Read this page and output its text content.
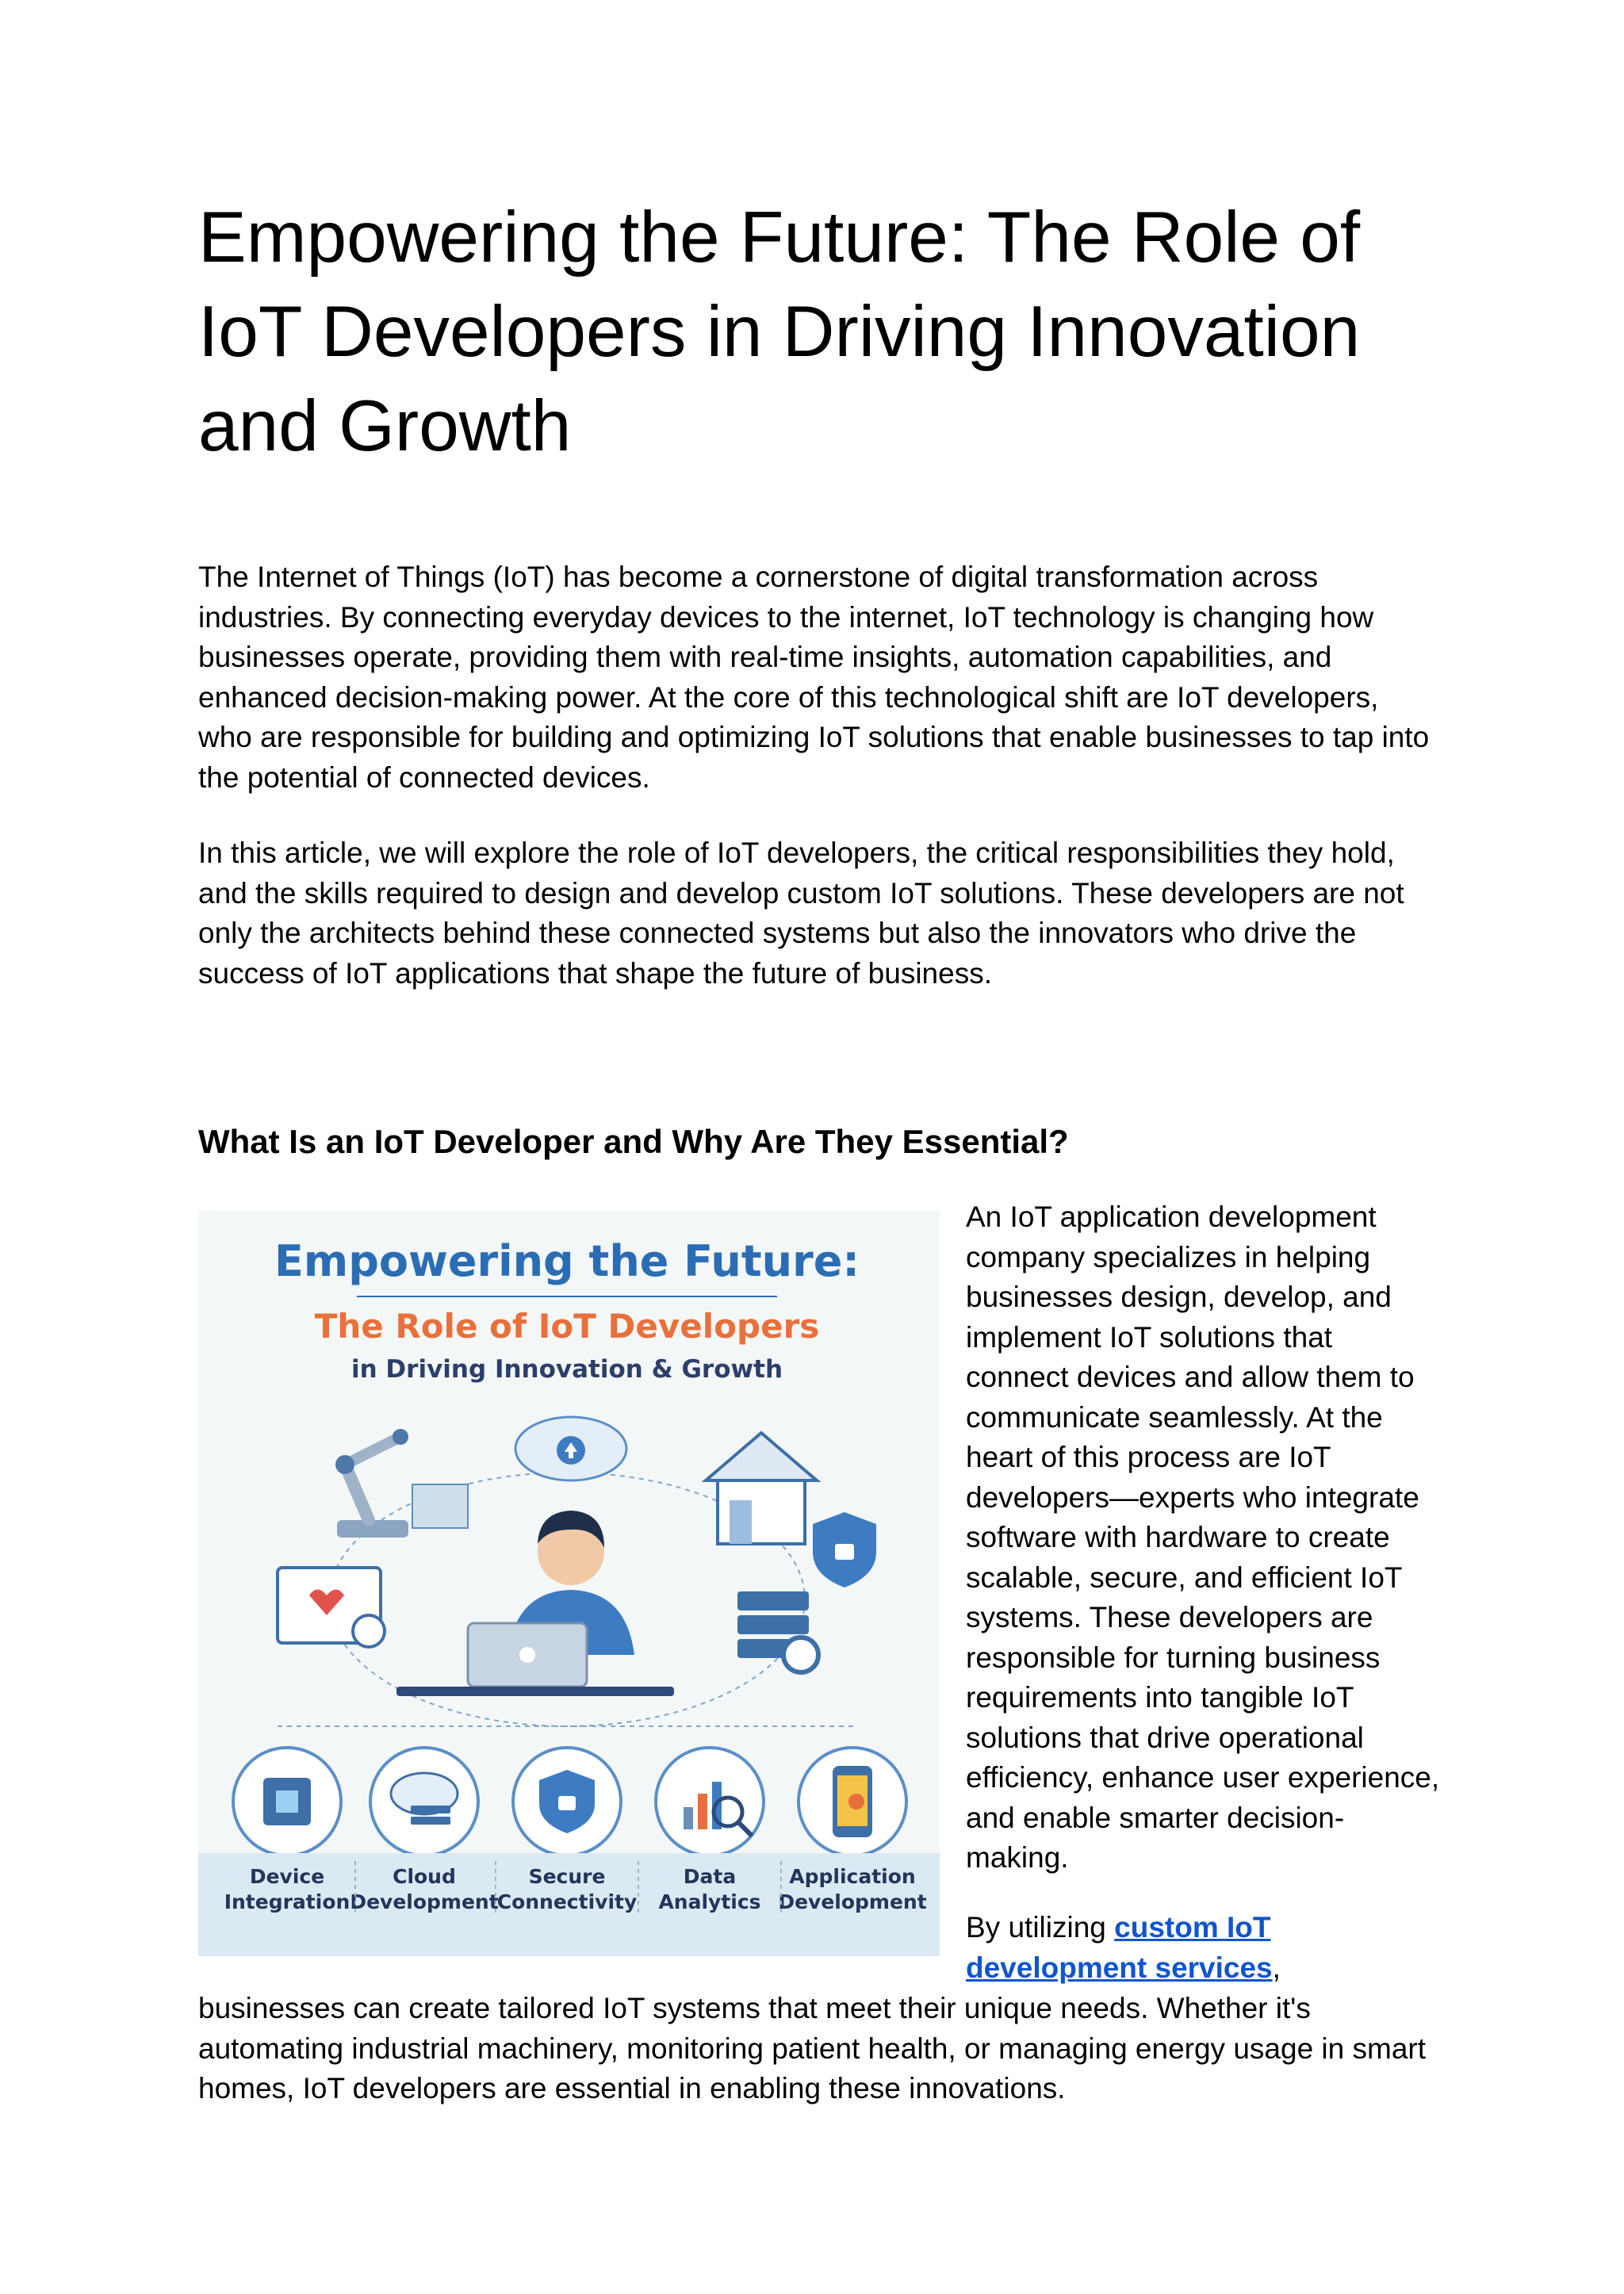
Empowering the Future: The Role of IoT Developers in Driving Innovation and Growth

The Internet of Things (IoT) has become a cornerstone of digital transformation across industries. By connecting everyday devices to the internet, IoT technology is changing how businesses operate, providing them with real-time insights, automation capabilities, and enhanced decision-making power. At the core of this technological shift are IoT developers, who are responsible for building and optimizing IoT solutions that enable businesses to tap into the potential of connected devices.

In this article, we will explore the role of IoT developers, the critical responsibilities they hold, and the skills required to design and develop custom IoT solutions. These developers are not only the architects behind these connected systems but also the innovators who drive the success of IoT applications that shape the future of business.

What Is an IoT Developer and Why Are They Essential?
Empowering the Future:
The Role of IoT Developers
in Driving Innovation & Growth
Device
Integration
Cloud
Development
Secure
Connectivity
Data
Analytics
Application
Development

An IoT application development company specializes in helping businesses design, develop, and implement IoT solutions that connect devices and allow them to communicate seamlessly. At the heart of this process are IoT developers—experts who integrate software with hardware to create scalable, secure, and efficient IoT systems. These developers are responsible for turning business requirements into tangible IoT solutions that drive operational efficiency, enhance user experience, and enable smarter decision-making.

By utilizing custom IoT development services,

businesses can create tailored IoT systems that meet their unique needs. Whether it's automating industrial machinery, monitoring patient health, or managing energy usage in smart homes, IoT developers are essential in enabling these innovations.
